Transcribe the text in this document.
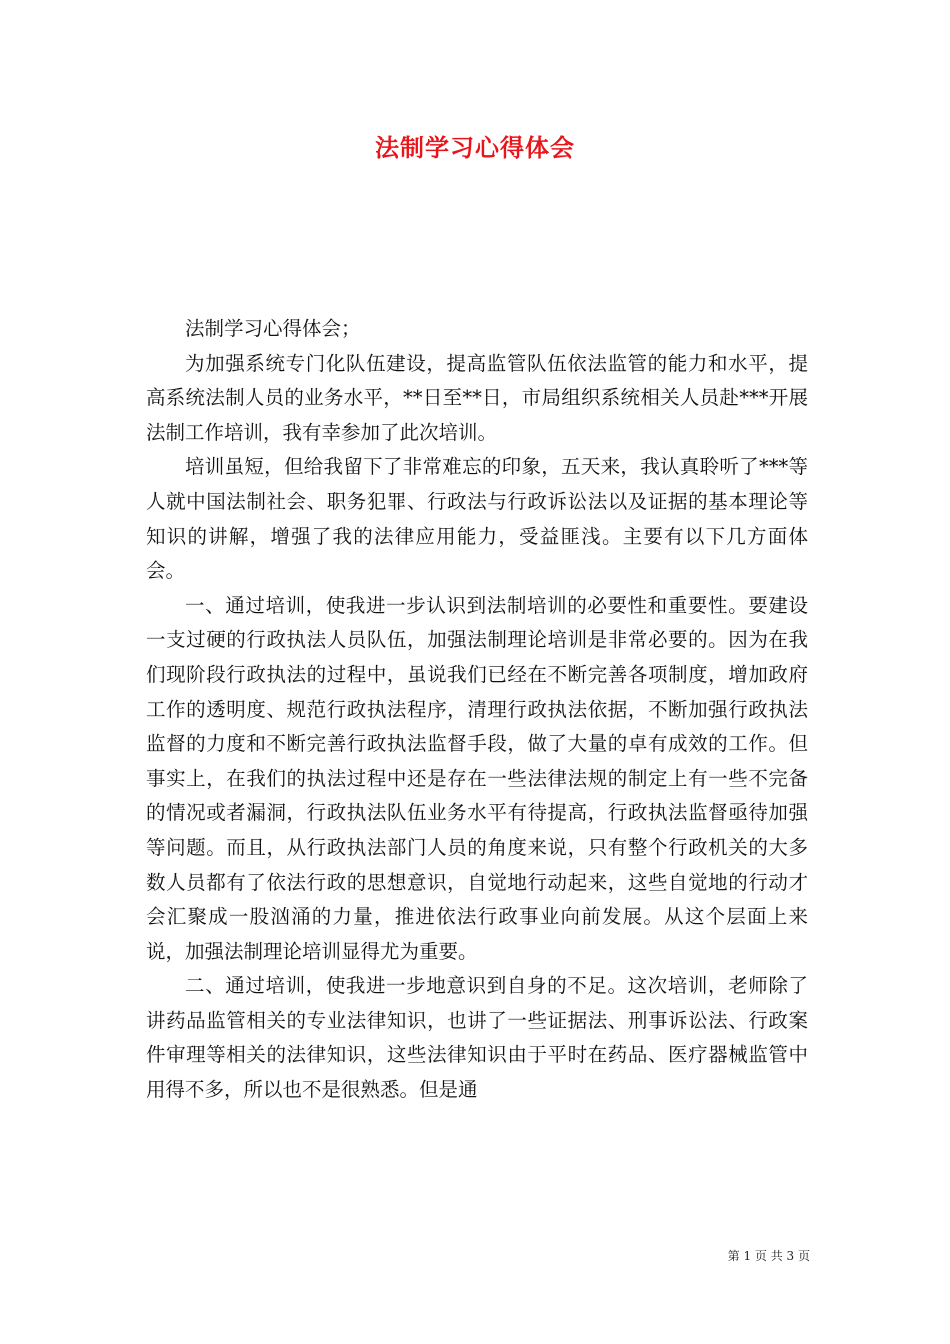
法制学习心得体会

法制学习心得体会；

为加强系统专门化队伍建设，提高监管队伍依法监管的能力和水平，提高系统法制人员的业务水平，**日至**日，市局组织系统相关人员赴***开展法制工作培训，我有幸参加了此次培训。

培训虽短，但给我留下了非常难忘的印象，五天来，我认真聆听了***等人就中国法制社会、职务犯罪、行政法与行政诉讼法以及证据的基本理论等知识的讲解，增强了我的法律应用能力，受益匪浅。主要有以下几方面体会。

一、通过培训，使我进一步认识到法制培训的必要性和重要性。要建设一支过硬的行政执法人员队伍，加强法制理论培训是非常必要的。因为在我们现阶段行政执法的过程中，虽说我们已经在不断完善各项制度，增加政府工作的透明度、规范行政执法程序，清理行政执法依据，不断加强行政执法监督的力度和不断完善行政执法监督手段，做了大量的卓有成效的工作。但事实上，在我们的执法过程中还是存在一些法律法规的制定上有一些不完备的情况或者漏洞，行政执法队伍业务水平有待提高，行政执法监督亟待加强等问题。而且，从行政执法部门人员的角度来说，只有整个行政机关的大多数人员都有了依法行政的思想意识，自觉地行动起来，这些自觉地的行动才会汇聚成一股汹涌的力量，推进依法行政事业向前发展。从这个层面上来说，加强法制理论培训显得尤为重要。

二、通过培训，使我进一步地意识到自身的不足。这次培训，老师除了讲药品监管相关的专业法律知识，也讲了一些证据法、刑事诉讼法、行政案件审理等相关的法律知识，这些法律知识由于平时在药品、医疗器械监管中用得不多，所以也不是很熟悉。但是通

第 1 页 共 3 页
